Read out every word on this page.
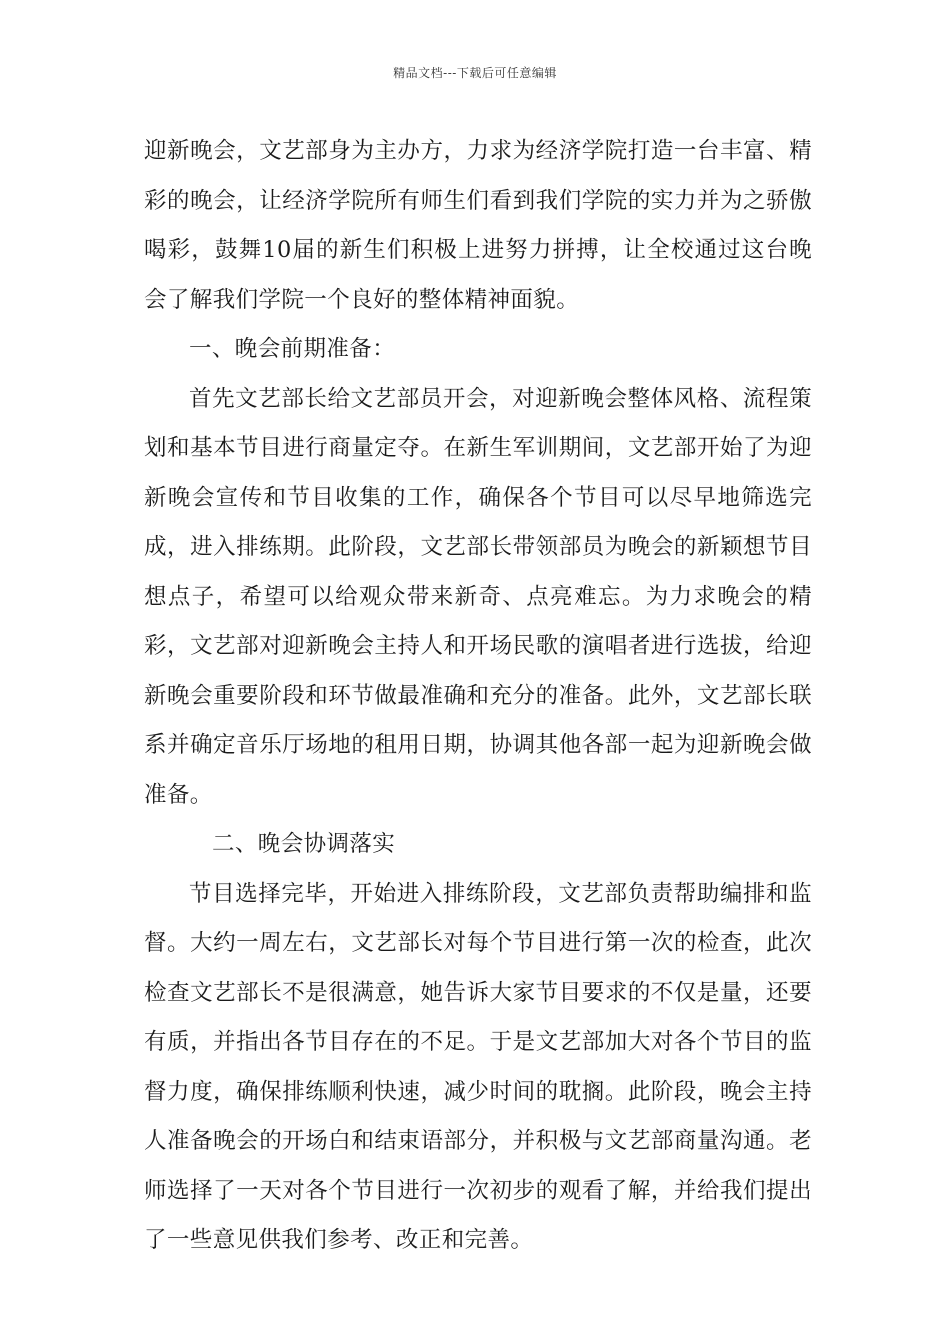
精品文档---下载后可任意编辑

迎新晚会，文艺部身为主办方，力求为经济学院打造一台丰富、精彩的晚会，让经济学院所有师生们看到我们学院的实力并为之骄傲喝彩，鼓舞10届的新生们积极上进努力拼搏，让全校通过这台晚会了解我们学院一个良好的整体精神面貌。

一、晚会前期准备：

首先文艺部长给文艺部员开会，对迎新晚会整体风格、流程策划和基本节目进行商量定夺。在新生军训期间，文艺部开始了为迎新晚会宣传和节目收集的工作，确保各个节目可以尽早地筛选完成，进入排练期。此阶段，文艺部长带领部员为晚会的新颖想节目想点子，希望可以给观众带来新奇、点亮难忘。为力求晚会的精彩，文艺部对迎新晚会主持人和开场民歌的演唱者进行选拔，给迎新晚会重要阶段和环节做最准确和充分的准备。此外，文艺部长联系并确定音乐厅场地的租用日期，协调其他各部一起为迎新晚会做准备。

二、晚会协调落实

节目选择完毕，开始进入排练阶段，文艺部负责帮助编排和监督。大约一周左右，文艺部长对每个节目进行第一次的检查，此次检查文艺部长不是很满意，她告诉大家节目要求的不仅是量，还要有质，并指出各节目存在的不足。于是文艺部加大对各个节目的监督力度，确保排练顺利快速，减少时间的耽搁。此阶段，晚会主持人准备晚会的开场白和结束语部分，并积极与文艺部商量沟通。老师选择了一天对各个节目进行一次初步的观看了解，并给我们提出了一些意见供我们参考、改正和完善。
